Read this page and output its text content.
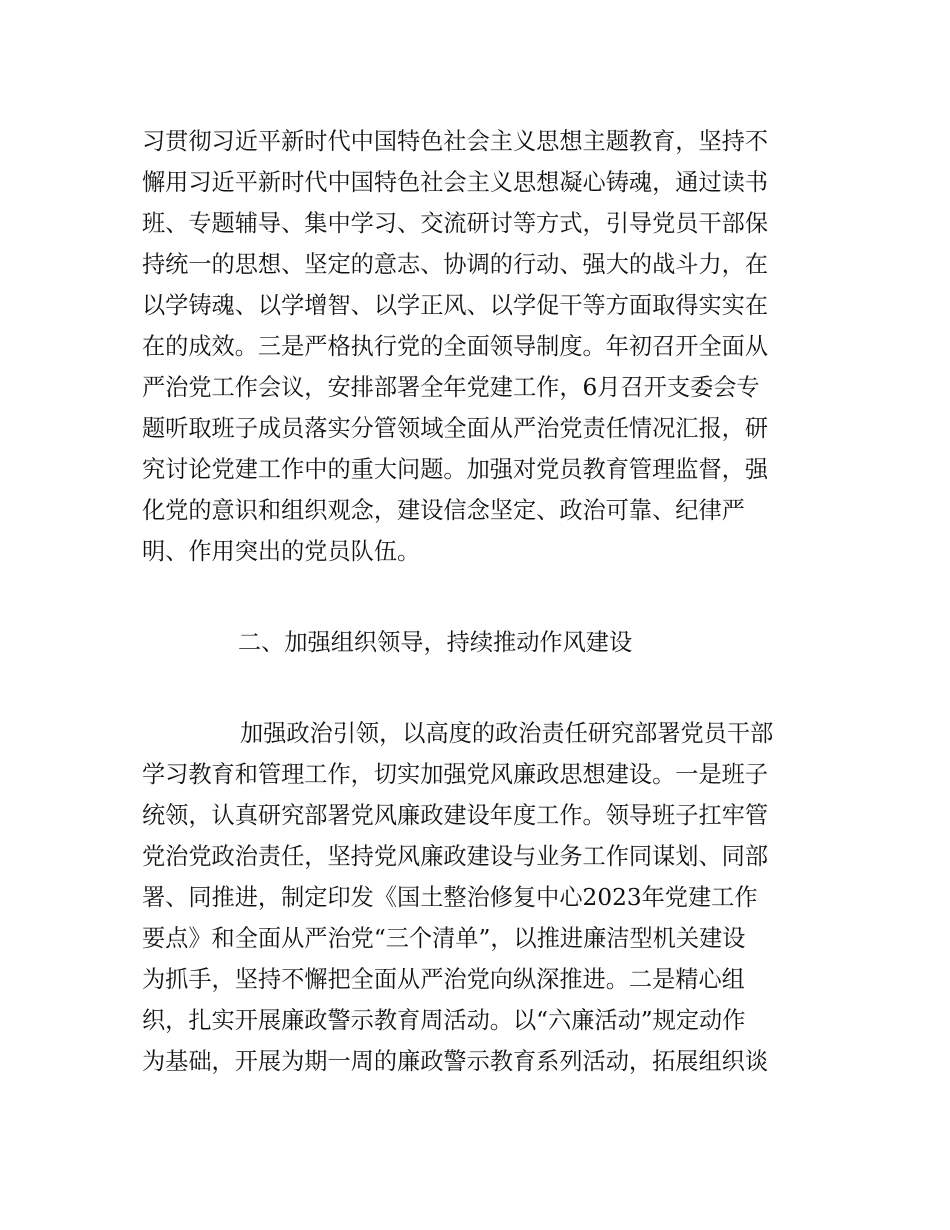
习贯彻习近平新时代中国特色社会主义思想主题教育，坚持不
懈用习近平新时代中国特色社会主义思想凝心铸魂，通过读书
班、专题辅导、集中学习、交流研讨等方式，引导党员干部保
持统一的思想、坚定的意志、协调的行动、强大的战斗力，在
以学铸魂、以学增智、以学正风、以学促干等方面取得实实在
在的成效。三是严格执行党的全面领导制度。年初召开全面从
严治党工作会议，安排部署全年党建工作，6月召开支委会专
题听取班子成员落实分管领域全面从严治党责任情况汇报，研
究讨论党建工作中的重大问题。加强对党员教育管理监督，强
化党的意识和组织观念，建设信念坚定、政治可靠、纪律严
明、作用突出的党员队伍。
二、加强组织领导，持续推动作风建设
加强政治引领，以高度的政治责任研究部署党员干部
学习教育和管理工作，切实加强党风廉政思想建设。一是班子
统领，认真研究部署党风廉政建设年度工作。领导班子扛牢管
党治党政治责任，坚持党风廉政建设与业务工作同谋划、同部
署、同推进，制定印发《国土整治修复中心2023年党建工作
要点》和全面从严治党“三个清单”，以推进廉洁型机关建设
为抓手，坚持不懈把全面从严治党向纵深推进。二是精心组
织，扎实开展廉政警示教育周活动。以“六廉活动”规定动作
为基础，开展为期一周的廉政警示教育系列活动，拓展组织谈
